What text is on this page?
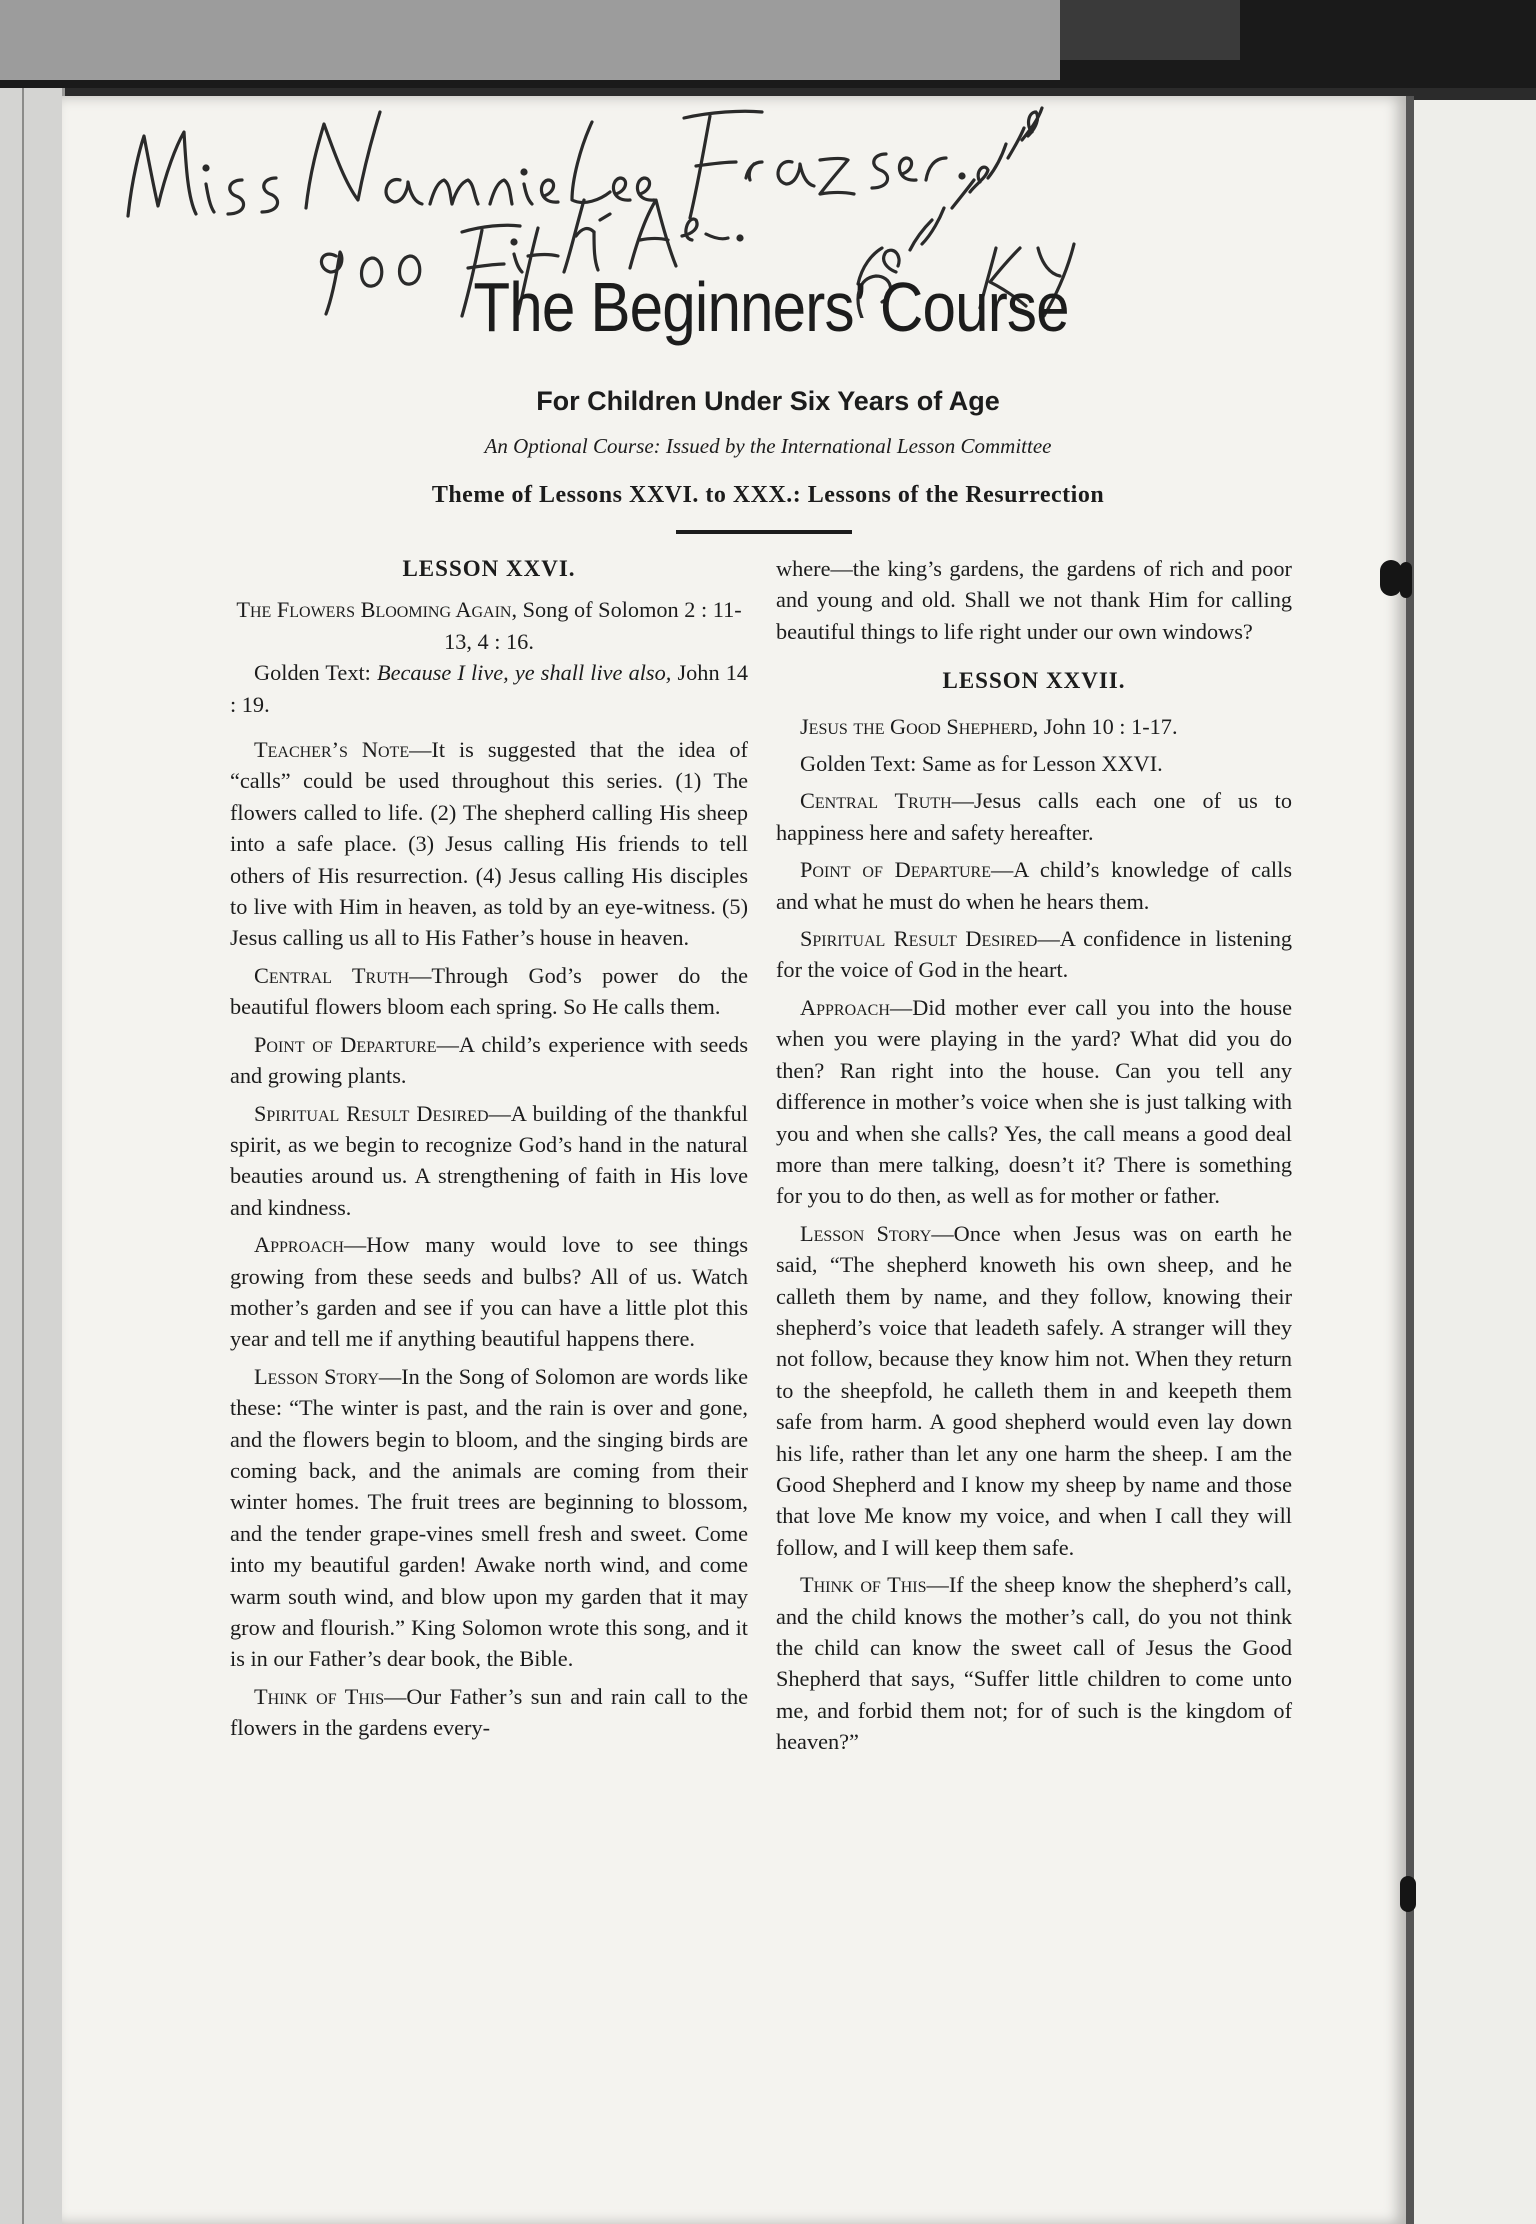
The Beginners’ Course
For Children Under Six Years of Age
An Optional Course: Issued by the International Lesson Committee
Theme of Lessons XXVI. to XXX.: Lessons of the Resurrection
LESSON XXVI.

The Flowers Blooming Again, Song of Solomon 2 : 11-13, 4 : 16.

Golden Text: Because I live, ye shall live also, John 14 : 19.

Teacher’s Note—It is suggested that the idea of “calls” could be used throughout this series. (1) The flowers called to life. (2) The shepherd calling His sheep into a safe place. (3) Jesus calling His friends to tell others of His resurrection. (4) Jesus calling His disciples to live with Him in heaven, as told by an eye-witness. (5) Jesus calling us all to His Father’s house in heaven.

Central Truth—Through God’s power do the beautiful flowers bloom each spring. So He calls them.

Point of Departure—A child’s experience with seeds and growing plants.

Spiritual Result Desired—A building of the thankful spirit, as we begin to recognize God’s hand in the natural beauties around us. A strengthening of faith in His love and kindness.

Approach—How many would love to see things growing from these seeds and bulbs? All of us. Watch mother’s garden and see if you can have a little plot this year and tell me if anything beautiful happens there.

Lesson Story—In the Song of Solomon are words like these: “The winter is past, and the rain is over and gone, and the flowers begin to bloom, and the singing birds are coming back, and the animals are coming from their winter homes. The fruit trees are beginning to blossom, and the tender grape-vines smell fresh and sweet. Come into my beautiful garden! Awake north wind, and come warm south wind, and blow upon my garden that it may grow and flourish.” King Solomon wrote this song, and it is in our Father’s dear book, the Bible.

Think of This—Our Father’s sun and rain call to the flowers in the gardens every-

where—the king’s gardens, the gardens of rich and poor and young and old. Shall we not thank Him for calling beautiful things to life right under our own windows?

LESSON XXVII.

Jesus the Good Shepherd, John 10 : 1-17.

Golden Text: Same as for Lesson XXVI.

Central Truth—Jesus calls each one of us to happiness here and safety hereafter.

Point of Departure—A child’s knowledge of calls and what he must do when he hears them.

Spiritual Result Desired—A confidence in listening for the voice of God in the heart.

Approach—Did mother ever call you into the house when you were playing in the yard? What did you do then? Ran right into the house. Can you tell any difference in mother’s voice when she is just talking with you and when she calls? Yes, the call means a good deal more than mere talking, doesn’t it? There is something for you to do then, as well as for mother or father.

Lesson Story—Once when Jesus was on earth he said, “The shepherd knoweth his own sheep, and he calleth them by name, and they follow, knowing their shepherd’s voice that leadeth safely. A stranger will they not follow, because they know him not. When they return to the sheepfold, he calleth them in and keepeth them safe from harm. A good shepherd would even lay down his life, rather than let any one harm the sheep. I am the Good Shepherd and I know my sheep by name and those that love Me know my voice, and when I call they will follow, and I will keep them safe.

Think of This—If the sheep know the shepherd’s call, and the child knows the mother’s call, do you not think the child can know the sweet call of Jesus the Good Shepherd that says, “Suffer little children to come unto me, and forbid them not; for of such is the kingdom of heaven?”
